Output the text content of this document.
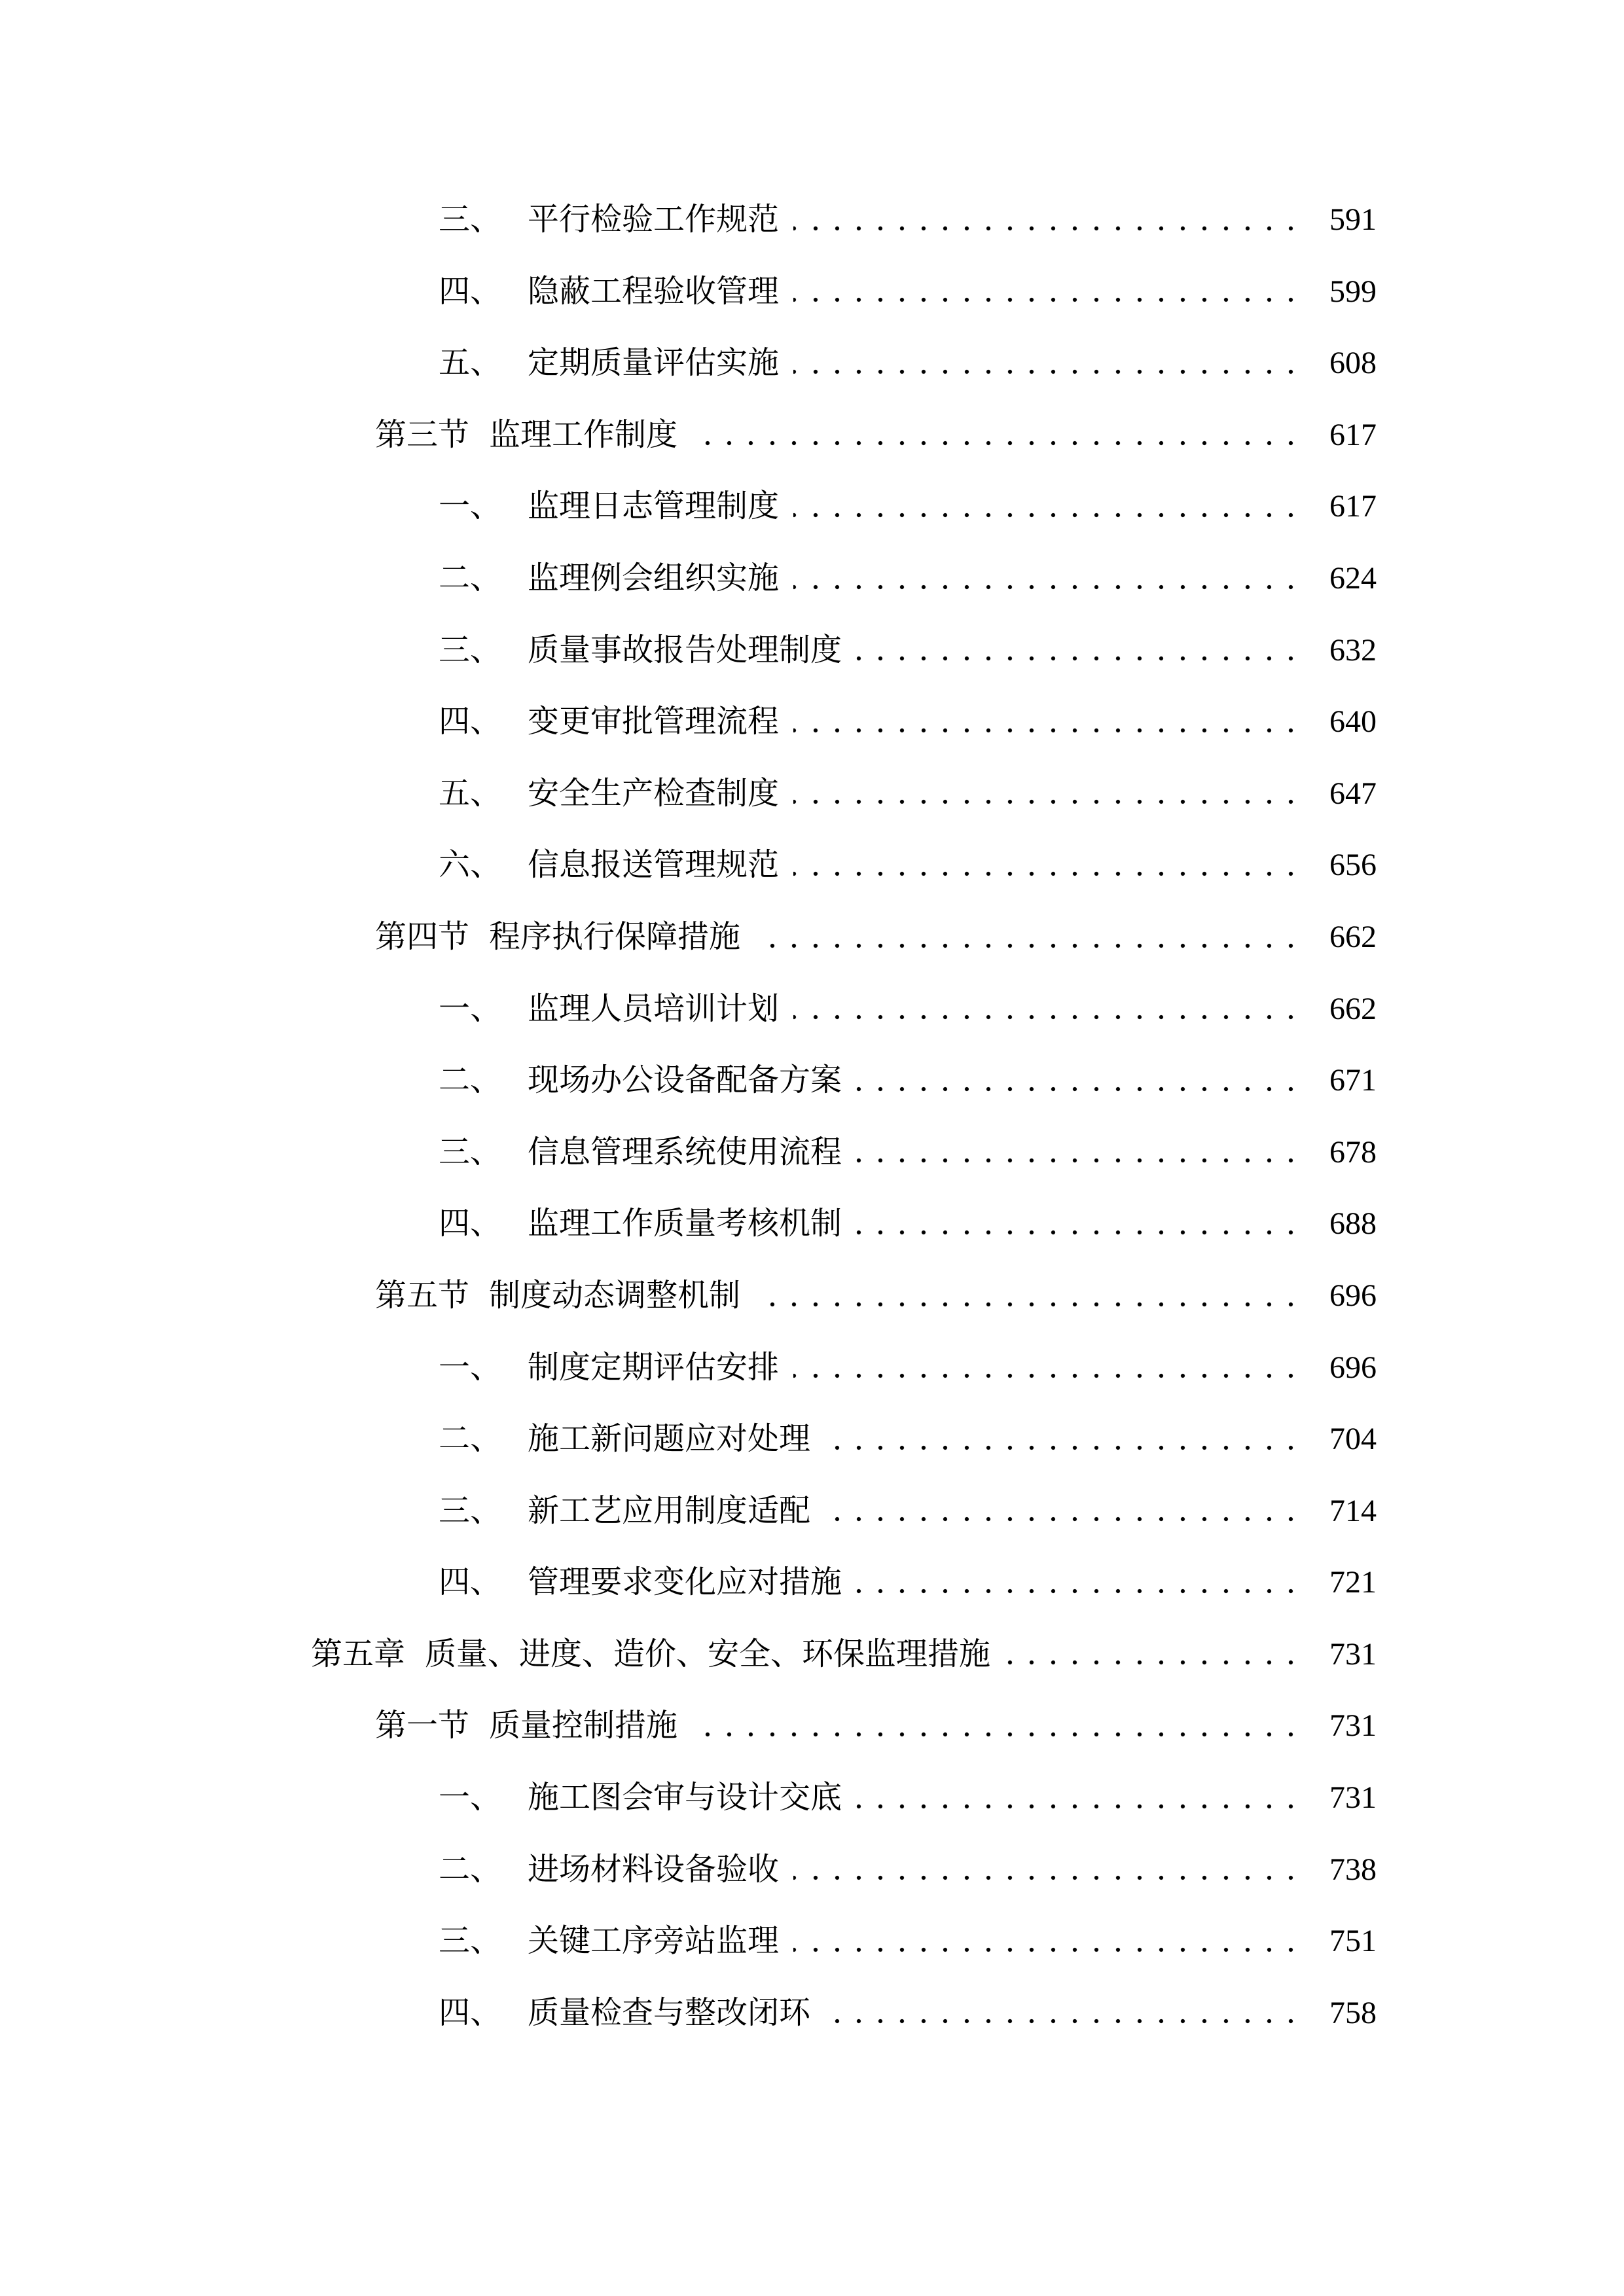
三、 平行检验工作规范	591
四、 隐蔽工程验收管理	599
五、 定期质量评估实施	608
第三节 监理工作制度	617
一、 监理日志管理制度	617
二、 监理例会组织实施	624
三、 质量事故报告处理制度	632
四、 变更审批管理流程	640
五、 安全生产检查制度	647
六、 信息报送管理规范	656
第四节 程序执行保障措施	662
一、 监理人员培训计划	662
二、 现场办公设备配备方案	671
三、 信息管理系统使用流程	678
四、 监理工作质量考核机制	688
第五节 制度动态调整机制	696
一、 制度定期评估安排	696
二、 施工新问题应对处理	704
三、 新工艺应用制度适配	714
四、 管理要求变化应对措施	721
第五章 质量、进度、造价、安全、环保监理措施	731
第一节 质量控制措施	731
一、 施工图会审与设计交底	731
二、 进场材料设备验收	738
三、 关键工序旁站监理	751
四、 质量检查与整改闭环	758
